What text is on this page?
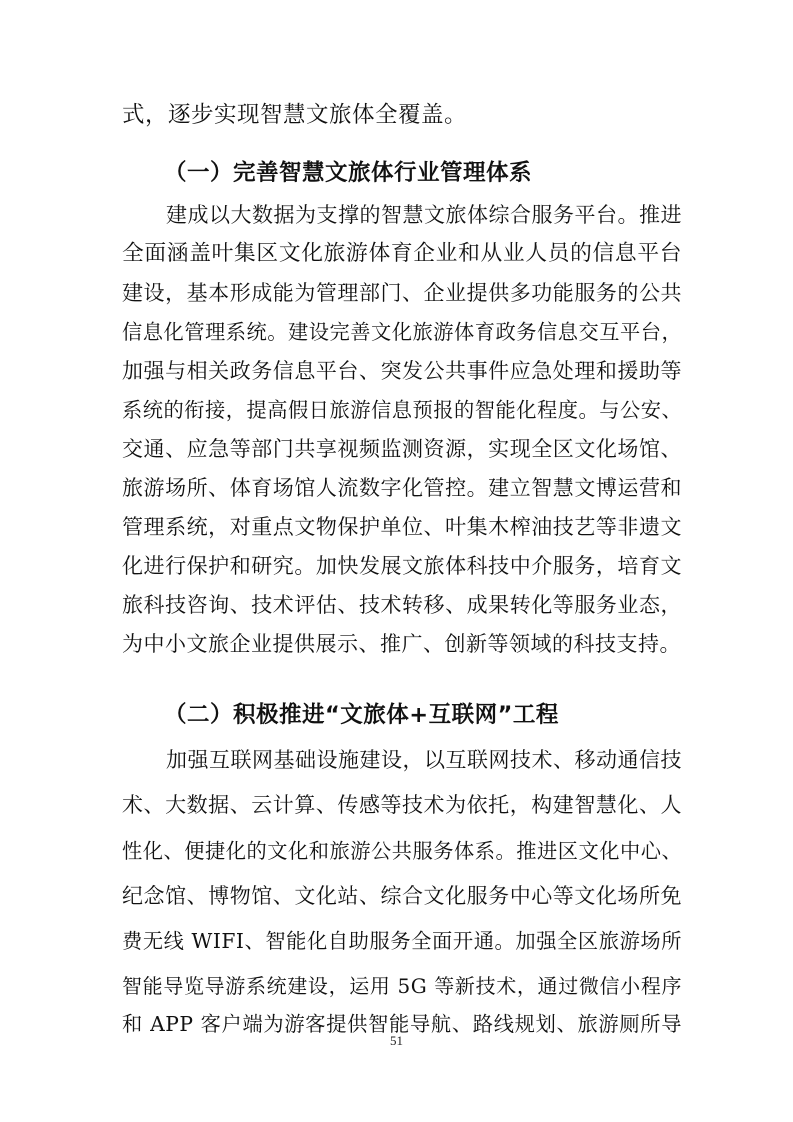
式，逐步实现智慧文旅体全覆盖。
（一）完善智慧文旅体行业管理体系
建成以大数据为支撑的智慧文旅体综合服务平台。推进
全面涵盖叶集区文化旅游体育企业和从业人员的信息平台
建设，基本形成能为管理部门、企业提供多功能服务的公共
信息化管理系统。建设完善文化旅游体育政务信息交互平台，
加强与相关政务信息平台、突发公共事件应急处理和援助等
系统的衔接，提高假日旅游信息预报的智能化程度。与公安、
交通、应急等部门共享视频监测资源，实现全区文化场馆、
旅游场所、体育场馆人流数字化管控。建立智慧文博运营和
管理系统，对重点文物保护单位、叶集木榨油技艺等非遗文
化进行保护和研究。加快发展文旅体科技中介服务，培育文
旅科技咨询、技术评估、技术转移、成果转化等服务业态，
为中小文旅企业提供展示、推广、创新等领域的科技支持。
（二）积极推进“文旅体+互联网”工程
加强互联网基础设施建设，以互联网技术、移动通信技
术、大数据、云计算、传感等技术为依托，构建智慧化、人
性化、便捷化的文化和旅游公共服务体系。推进区文化中心、
纪念馆、博物馆、文化站、综合文化服务中心等文化场所免
费无线 WIFI、智能化自助服务全面开通。加强全区旅游场所
智能导览导游系统建设，运用 5G 等新技术，通过微信小程序
和 APP 客户端为游客提供智能导航、路线规划、旅游厕所导
51
